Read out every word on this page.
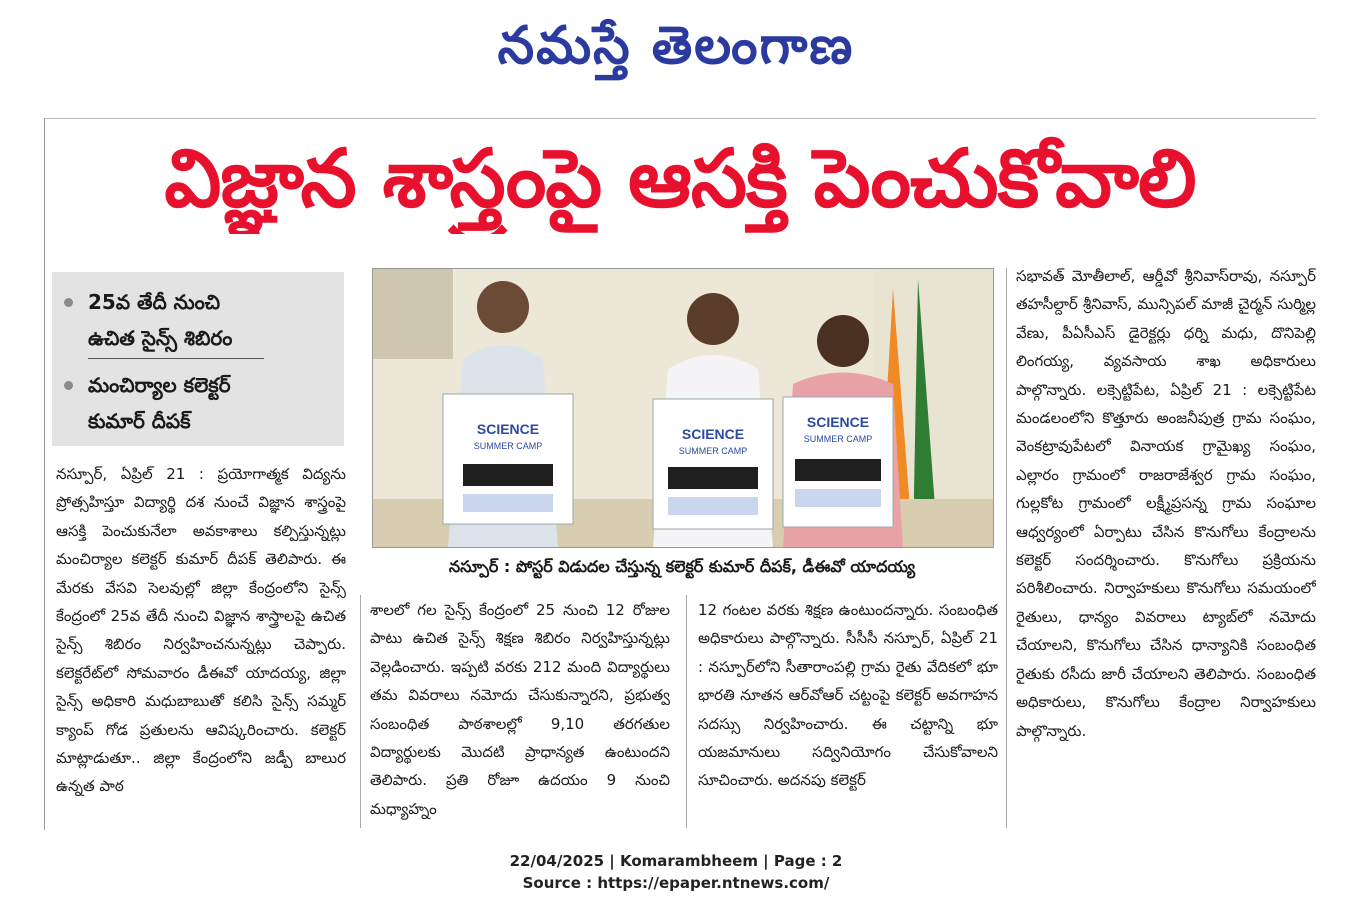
నమస్తే తెలంగాణ
విజ్ఞాన శాస్త్రంపై ఆసక్తి పెంచుకోవాలి
25వ తేదీ నుంచి
ఉచిత సైన్స్ శిబిరం
మంచిర్యాల కలెక్టర్
కుమార్ దీపక్	SCIENCE
SUMMER CAMP
SCIENCE
SUMMER CAMP
SCIENCE
SUMMER CAMP
నస్పూర్ : పోస్టర్ విడుదల చేస్తున్న కలెక్టర్ కుమార్ దీపక్, డీఈవో యాదయ్య

నస్పూర్, ఏప్రిల్ 21 : ప్రయోగాత్మక విద్యను ప్రోత్సహిస్తూ విద్యార్థి దశ నుంచే విజ్ఞాన శాస్త్రంపై ఆసక్తి పెంచుకునేలా అవకాశాలు కల్పిస్తున్నట్లు మంచిర్యాల కలెక్టర్ కుమార్ దీపక్ తెలిపారు. ఈ మేరకు వేసవి సెలవుల్లో జిల్లా కేంద్రంలోని సైన్స్ కేంద్రంలో 25వ తేదీ నుంచి విజ్ఞాన శాస్త్రాలపై ఉచిత సైన్స్ శిబిరం నిర్వహించనున్నట్లు చెప్పారు. కలెక్టరేట్‌లో సోమవారం డీఈవో యాదయ్య, జిల్లా సైన్స్ అధికారి మధుబాబుతో కలిసి సైన్స్ సమ్మర్ క్యాంప్ గోడ ప్రతులను ఆవిష్కరించారు. కలెక్టర్ మాట్లాడుతూ.. జిల్లా కేంద్రంలోని జడ్పీ బాలుర ఉన్నత పాఠ

శాలలో గల సైన్స్ కేంద్రంలో 25 నుంచి 12 రోజుల పాటు ఉచిత సైన్స్ శిక్షణ శిబిరం నిర్వహిస్తున్నట్లు వెల్లడించారు. ఇప్పటి వరకు 212 మంది విద్యార్థులు తమ వివరాలు నమోదు చేసుకున్నారని, ప్రభుత్వ సంబంధిత పాఠశాలల్లో 9,10 తరగతుల విద్యార్థులకు మొదటి ప్రాధాన్యత ఉంటుందని తెలిపారు. ప్రతి రోజూ ఉదయం 9 నుంచి మధ్యాహ్నం

12 గంటల వరకు శిక్షణ ఉంటుందన్నారు. సంబంధిత అధికారులు పాల్గొన్నారు. సీసీసీ నస్పూర్, ఏప్రిల్ 21 : నస్పూర్‌లోని సీతారాంపల్లి గ్రామ రైతు వేదికలో భూ భారతి నూతన ఆర్‌వోఆర్ చట్టంపై కలెక్టర్ అవగాహన సదస్సు నిర్వహించారు. ఈ చట్టాన్ని భూ యజమానులు సద్వినియోగం చేసుకోవాలని సూచించారు. అదనపు కలెక్టర్

సభావత్ మోతీలాల్, ఆర్డీవో శ్రీనివాస్‌రావు, నస్పూర్ తహసీల్దార్ శ్రీనివాస్, మున్సిపల్ మాజీ చైర్మన్ సుర్మిల్ల వేణు, పీఏసీఎస్ డైరెక్టర్లు ధర్ని మధు, దొనిపెల్లి లింగయ్య, వ్యవసాయ శాఖ అధికారులు పాల్గొన్నారు. లక్సెట్టిపేట, ఏప్రిల్ 21 : లక్సెట్టిపేట మండలంలోని కొత్తూరు అంజనీపుత్ర గ్రామ సంఘం, వెంకట్రావుపేటలో వినాయక గ్రామైఖ్య సంఘం, ఎల్లారం గ్రామంలో రాజరాజేశ్వర గ్రామ సంఘం, గుల్లకోట గ్రామంలో లక్ష్మీప్రసన్న గ్రామ సంఘాల ఆధ్వర్యంలో ఏర్పాటు చేసిన కొనుగోలు కేంద్రాలను కలెక్టర్ సందర్శించారు. కొనుగోలు ప్రక్రియను పరిశీలించారు. నిర్వాహకులు కొనుగోలు సమయంలో రైతులు, ధాన్యం వివరాలు ట్యాబ్‌లో నమోదు చేయాలని, కొనుగోలు చేసిన ధాన్యానికి సంబంధిత రైతుకు రసీదు జారీ చేయాలని తెలిపారు. సంబంధిత అధికారులు, కొనుగోలు కేంద్రాల నిర్వాహకులు పాల్గొన్నారు.

22/04/2025 | Komarambheem | Page : 2
Source : https://epaper.ntnews.com/
